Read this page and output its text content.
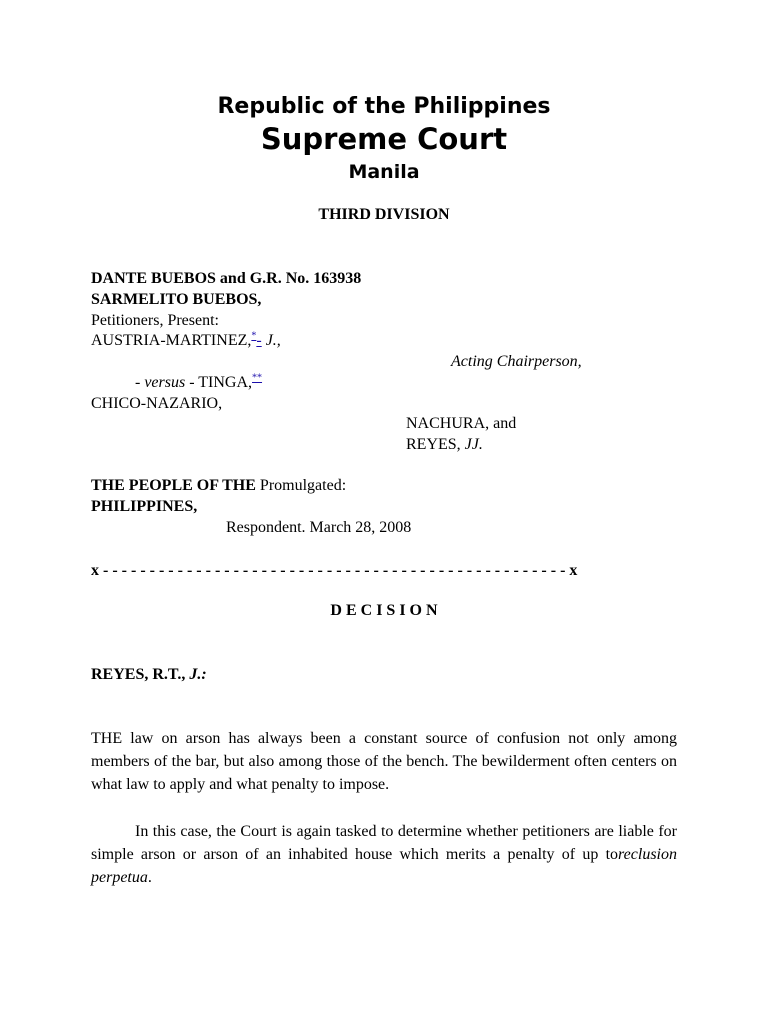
Republic of the Philippines
Supreme Court
Manila
THIRD DIVISION
DANTE BUEBOS and G.R. No. 163938
SARMELITO BUEBOS,
Petitioners, Present:
AUSTRIA-MARTINEZ,*- J.,
Acting Chairperson,
- versus - TINGA,**
CHICO-NAZARIO,
NACHURA, and
REYES, JJ.
THE PEOPLE OF THE Promulgated:
PHILIPPINES,
Respondent. March 28, 2008
x - - - - - - - - - - - - - - - - - - - - - - - - - - - - - - - - - - - - - - - - - - - - - - - - - - x
D E C I S I O N
REYES, R.T., J.:
THE law on arson has always been a constant source of confusion not only among members of the bar, but also among those of the bench. The bewilderment often centers on what law to apply and what penalty to impose.
In this case, the Court is again tasked to determine whether petitioners are liable for simple arson or arson of an inhabited house which merits a penalty of up toreclusion perpetua.
